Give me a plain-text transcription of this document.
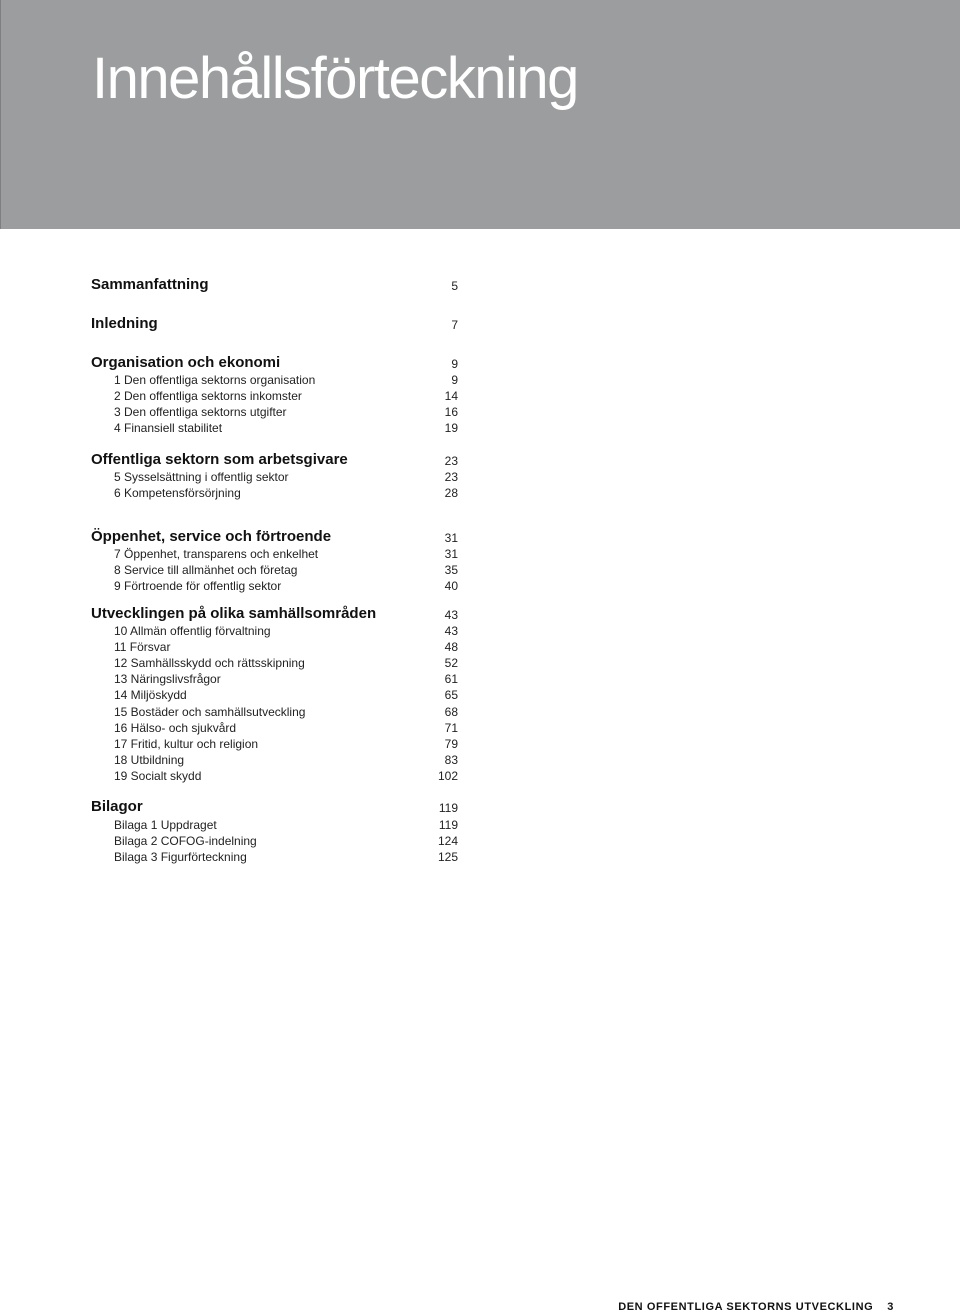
Innehållsförteckning
Sammanfattning	5
Inledning	7
Organisation och ekonomi	9
1 Den offentliga sektorns organisation	9
2 Den offentliga sektorns inkomster	14
3 Den offentliga sektorns utgifter	16
4 Finansiell stabilitet	19
Offentliga sektorn som arbetsgivare	23
5 Sysselsättning i offentlig sektor	23
6 Kompetensförsörjning	28
Öppenhet, service och förtroende	31
7 Öppenhet, transparens och enkelhet	31
8 Service till allmänhet och företag	35
9 Förtroende för offentlig sektor	40
Utvecklingen på olika samhällsområden	43
10 Allmän offentlig förvaltning	43
11 Försvar	48
12 Samhällsskydd och rättsskipning	52
13 Näringslivsfrågor	61
14 Miljöskydd	65
15 Bostäder och samhällsutveckling	68
16 Hälso- och sjukvård	71
17 Fritid, kultur och religion	79
18 Utbildning	83
19 Socialt skydd	102
Bilagor	119
Bilaga 1 Uppdraget	119
Bilaga 2 COFOG-indelning	124
Bilaga 3 Figurförteckning	125
DEN OFFENTLIGA SEKTORNS UTVECKLING 3
